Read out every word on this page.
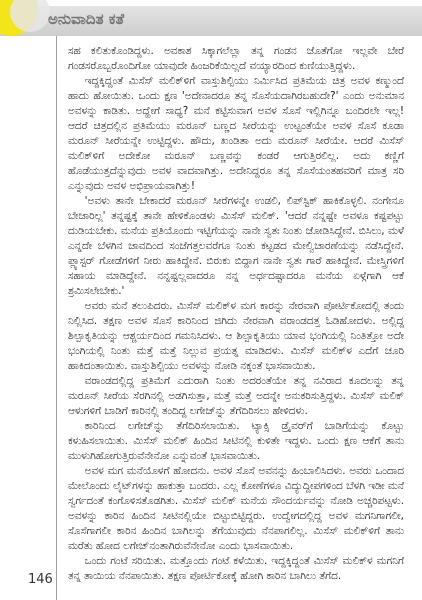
ಅನುವಾದಿತ ಕತೆ

ಸಹ ಕಲಿತುಕೊಂಡಿದ್ದಳು. ಅವಕಾಶ ಸಿಕ್ಕಾಗಲೆಲ್ಲಾ ತನ್ನ ಗಂಡನ ಜೊತೆಗೋ ಇಲ್ಲವೇ ಬೇರೆ ಗಂಡಸರೊಬ್ಬರೊಂದಿಗೋ ಯಾವುದೇ ಹಿಂಜರಿಕೆಯಿಲ್ಲದೆ ವಯ್ಯಾರದಿಂದ ಕುಣಿಯುತ್ತಿದ್ದಳು.

ಇದ್ದಕ್ಕಿದ್ದಂತೆ ಮಿಸೆಸ್ ಮಲಿಕ್‌ಳಿಗೆ ವಾಸ್ತುಶಿಲ್ಪಿಯು ನಿರ್ಮಿಸಿದ ಪ್ರತಿಮೆಯ ಚಿತ್ರ ಅವಳ ಕಣ್ಮುಂದೆ ಹಾದು ಹೋಯಿತು. ಒಂದು ಕ್ಷಣ 'ಅದೇನಾದರೂ ತನ್ನ ಸೊಸೆಯದಾಗಿರಬಹುದೇ?' ಎಂದು ಅನುಮಾನ ಅವಳನ್ನು ಕಾಡಿತು. ಅದ್ಹೇಗೆ ಸಾಧ್ಯ? ಮನೆ ಕಟ್ಟಿಸುವಾಗ ಅವಳ ಸೊಸೆ ಇಲ್ಲಿಗಿನ್ನೂ ಬಂದಿರಲೇ ಇಲ್ಲ! ಆದರೆ ಚಿತ್ರದಲ್ಲಿನ ಪ್ರತಿಮೆಯು ಮರೂನ್ ಬಣ್ಣದ ಸೀರೆಯನ್ನು ಉಟ್ಟಂತೆಯೇ ಅವಳ ಸೊಸೆ ಕೂಡಾ ಮರೂನ್ ಸೀರೆಯನ್ನೇ ಉಟ್ಟಿದ್ದಳು. ಹೌದು, ಖಂಡಿತಾ ಅದು ಮರೂನ್ ಸೀರೆಯೇ. ಆದರೆ ಮಿಸೆಸ್ ಮಲಿಕ್‌ಳಿಗೆ ಅದೇಕೋ ಮರೂನ್ ಬಣ್ಣವನ್ನು ಕಂಡರೆ ಆಗುತ್ತಿರಲಿಲ್ಲ. ಅದು ಕಣ್ಣಿಗೆ ಹೊಡೆಯುತ್ತದೆನ್ನುವುದು ಅವಳ ವಾದವಾಗಿತ್ತು. ಅದೇನಿದ್ದರೂ ತನ್ನ ಸೊಸೆಯಂತಹವರಿಗೆ ಮಾತ್ರ ಸರಿ ಎನ್ನುವುದು ಅವಳ ಅಭಿಪ್ರಾಯವಾಗಿತ್ತು!

'ಅವಳು ತಾನೇ ಬೇಕಾದರೆ ಮರೂನ್ ಸೀರೆಗಳನ್ನೇ ಉಡಲಿ, ಲಿಪ್‌ಸ್ಟಿಕ್ ಹಾಕಿಕೊಳ್ಳಲಿ. ನಂಗೇನೂ ಬೇಜಾರಿಲ್ಲ' ತನ್ನಷ್ಟಕ್ಕೆ ತಾನೇ ಹೇಳಿಕೊಂಡಳು ಮಿಸೆಸ್ ಮಲಿಕ್. 'ಆದರೆ ನನ್ನಷ್ಟೇ ಅವಳೂ ಕಷ್ಟಪಟ್ಟು ದುಡಿಯಬೇಕು. ಮನೆಯ ಪ್ರತಿಯೊಂದು ಇಟ್ಟಿಗೆಯನ್ನು ನಾನೇ ಸ್ವತಃ ನಿಂತು ಜೋಡಿಸಿದ್ದೇನೆ. ಬಿಸಿಲು, ಮಳೆ ಎನ್ನದೇ ಬೆಳಗಿನ ಜಾವದಿಂದ ಸಂಜೆಗತ್ತಲವರೆಗೂ ನಿಂತು ಕಟ್ಟಡದ ಮೇಲ್ವಿಚಾರಣೆಯನ್ನು ನಡೆಸಿದ್ದೇನೆ. ಪ್ಲ್ಯಾಸ್ಟರ್ ಗೋಡೆಗಳಿಗೆ ನೀರು ಹಾಕಿದ್ದೇನೆ. ಬಿರುಕು ಬಿದ್ದಾಗ ನಾನೇ ಸ್ವತಃ ಗಾರೆ ಹಾಕಿದ್ದೇನೆ. ಮೇಸ್ತ್ರಿಗಳಿಗೆ ಸಹಾಯ ಮಾಡಿದ್ದೇನೆ. ನನ್ನಷ್ಟಲ್ಲವಾದರೂ ನನ್ನ ಅರ್ಧದಷ್ಟಾದರೂ ಮನೆಯ ಏಳ್ಗೆಗಾಗಿ ಆಕೆ ಶ್ರಮಿಸಲೇಬೇಕು.'

ಅವರು ಮನೆ ತಲುಪಿದರು. ಮಿಸೆಸ್ ಮಲಿಕ್‌ಳ ಮಗ ಕಾರನ್ನು ನೇರವಾಗಿ ಪೋರ್ಟಿಕೋದಲ್ಲಿ ತಂದು ನಿಲ್ಲಿಸಿದ. ತಕ್ಷಣ ಅವಳ ಸೊಸೆ ಕಾರಿನಿಂದ ಜಿಗಿದು ನೇರವಾಗಿ ವರಾಂಡದತ್ತ ಓಡಿಹೋದಳು. ಅಲ್ಲಿದ್ದ ಶಿಲ್ಪಾಕೃತಿಯನ್ನು ಆಶ್ಚರ್ಯದಿಂದ ಗಮನಿಸಿದಳು. ಆ ಶಿಲ್ಪಾಕೃತಿಯು ಯಾವ ಭಂಗಿಯಲ್ಲಿ ನಿಂತಿತ್ತೋ ಅದೇ ಭಂಗಿಯಲ್ಲಿ ನಿಂತು ಮತ್ತೆ ಮತ್ತೆ ನಿಲ್ಲುವ ಪ್ರಯತ್ನ ಮಾಡಿದಳು. ಮಿಸೆಸ್ ಮಲಿಕ್‌ಳ ಎದೆಗೆ ಚೂರಿ ಹಾಕಿದಂತಾಯಿತು. ವಾಸ್ತುಶಿಲ್ಪಿಯು ಅವಳನ್ನು ನೋಡಿ ನಕ್ಕಂತೆ ಭಾಸವಾಯಿತು.

ವರಾಂಡದಲ್ಲಿದ್ದ ಪ್ರತಿಮೆಗೆ ಎದುರಾಗಿ ನಿಂತು ಅದರಂತೆಯೇ ತನ್ನ ನವಿರಾದ ಕೂದಲನ್ನು ತನ್ನ ಮರೂನ್ ಸೀರೆಯ ಸೆರಗಿನಲ್ಲಿ ಅಡಗಿಸುತ್ತಾ, ಮತ್ತೆ ಮತ್ತೆ ಅದನ್ನೇ ಅನುಕರಿಸುತ್ತಿದ್ದಳು. ಮಿಸೆಸ್ ಮಲಿಕ್ ಆಳುಗಳಿಗೆ ಬಾಡಿಗೆ ಕಾರಿನಲ್ಲಿ ತಂದಿದ್ದ ಲಗೇಜ್‌ನ್ನು ತೆಗೆದಿರಿಸಲು ಹೇಳಿದಳು.

ಕಾರಿನಿಂದ ಲಗೇಜ್‌ನ್ನು ತೆಗೆದಿರಿಸಲಾಯಿತು. ಟ್ಯಾಕ್ಸಿ ಡ್ರೈವರ್‌ಗೆ ಬಾಡಿಗೆಯನ್ನು ಕೊಟ್ಟು ಕಳುಹಿಸಲಾಯಿತು. ಮಿಸೆಸ್ ಮಲಿಕ್ ಹಿಂದಿನ ಸೀಟಿನಲ್ಲಿ ಕುಳಿತೇ ಇದ್ದಳು. ಒಂದು ಕ್ಷಣ ಆಕೆಗೆ ತಾನು ಮುಳುಗಿಹೋಗುತ್ತಿರುವೆನೇನೋ ಎನ್ನುವಂತೆ ಭಾಸವಾಯಿತು.

ಅವಳ ಮಗ ಮನೆಯೊಳಗೆ ಹೋದನು. ಅವಳ ಸೊಸೆ ಅವನನ್ನು ಹಿಂಬಾಲಿಸಿದಳು. ಅವರು ಒಂದಾದ ಮೇಲೊಂದು ಲೈಟ್‌ಗಳನ್ನು ಹಾಕುತ್ತಾ ಬಂದರು. ಎಲ್ಲ ಕೋಣೆಗಳೂ ವಿದ್ಯುದ್ದೀಪಗಳಿಂದ ಬೆಳಗಿ ಇಡೀ ಮನೆ ಸ್ವರ್ಗದಂತೆ ಕಂಗೊಳಿಸತೊಡಗಿತು. ಮಿಸೆಸ್ ಮಲಿಕ್ ಮನೆಯ ಸೌಂದರ್ಯವನ್ನು ನೋಡಿ ಅಚ್ಚರಿಪಟ್ಟಳು. ಅವಳನ್ನು ಕಾರಿನ ಹಿಂದಿನ ಸೀಟಿನಲ್ಲಿಯೇ ಬಿಟ್ಟುಬಿಟ್ಟಿದ್ದರು. ಉದ್ವೇಗದಲ್ಲಿದ್ದ ಅವಳ ಮಗನಿಗಾಗಲೀ, ಸೊಸೆಗಾಗಲೀ ಕಾರಿನ ಹಿಂದಿನ ಬಾಗಿಲನ್ನು ತೆಗೆಯುವುದು ನೆನಪಾಗಲಿಲ್ಲ. ಮಿಸೆಸ್ ಮಲಿಕ್‌ಳಿಗೆ ತಾನು ಮರೆತು ಹೋದ ಲಗೇಜ್‌ನಂತಾಗಿರುವೆನೇನೋ ಎಂದು ಭಾಸವಾಯಿತು.

ಒಂದು ಗಂಟೆ ಸರಿಯಿತು. ಮತ್ತೊಂದು ಗಂಟೆ ಕಳೆಯಿತು. ಇದ್ದಕ್ಕಿದ್ದಂತೆ ಮಿಸೆಸ್ ಮಲಿಕ್‌ಳ ಮಗನಿಗೆ ತನ್ನ ತಾಯಿಯ ನೆನಪಾಯಿತು. ತಕ್ಷಣ ಪೋರ್ಟಿಕೋಕ್ಕೆ ಹೋಗಿ ಕಾರಿನ ಬಾಗಿಲು ತೆಗೆದ.

146
